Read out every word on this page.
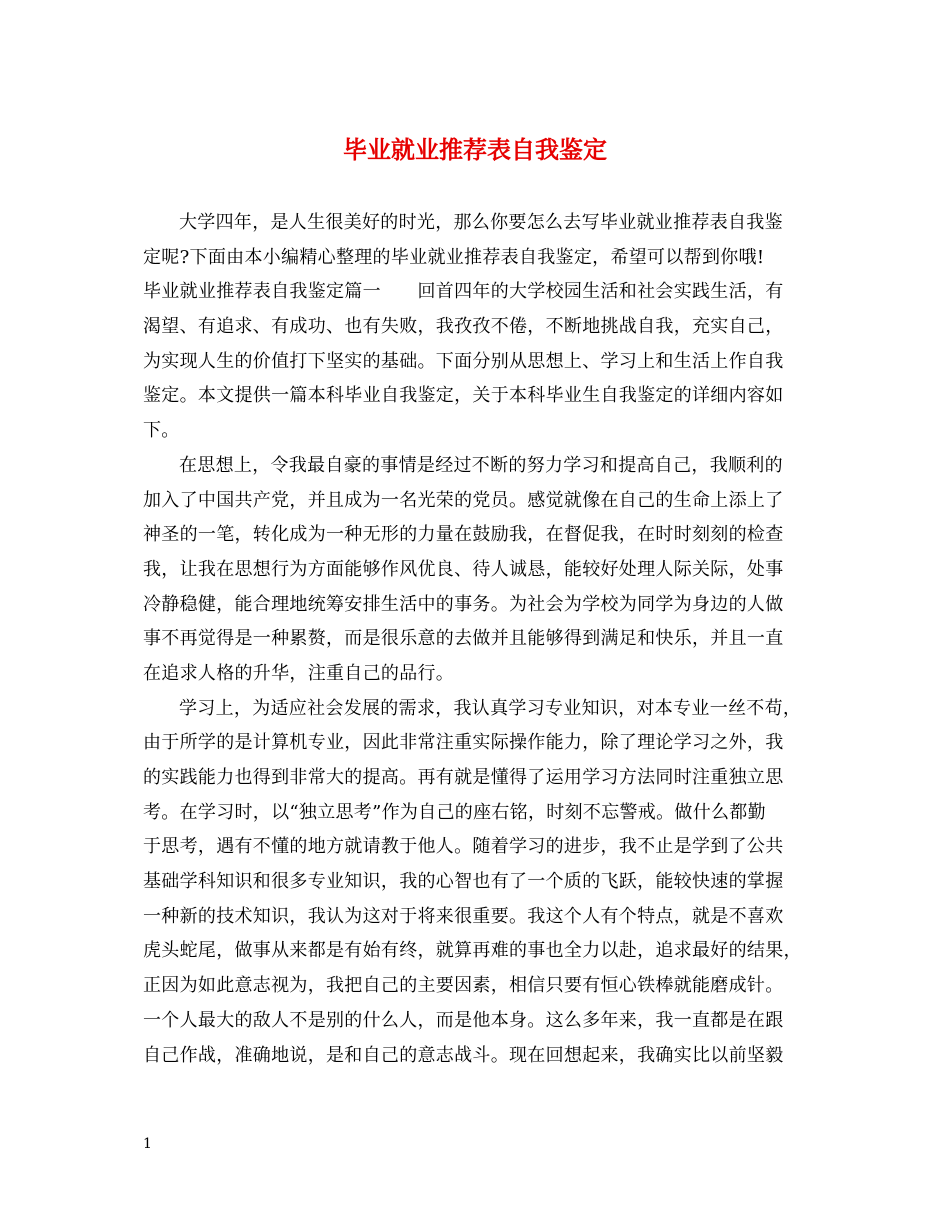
毕业就业推荐表自我鉴定
大学四年，是人生很美好的时光，那么你要怎么去写毕业就业推荐表自我鉴
定呢?下面由本小编精心整理的毕业就业推荐表自我鉴定，希望可以帮到你哦!
毕业就业推荐表自我鉴定篇一　　回首四年的大学校园生活和社会实践生活，有
渴望、有追求、有成功、也有失败，我孜孜不倦，不断地挑战自我，充实自己，
为实现人生的价值打下坚实的基础。下面分别从思想上、学习上和生活上作自我
鉴定。本文提供一篇本科毕业自我鉴定，关于本科毕业生自我鉴定的详细内容如
下。
在思想上，令我最自豪的事情是经过不断的努力学习和提高自己，我顺利的
加入了中国共产党，并且成为一名光荣的党员。感觉就像在自己的生命上添上了
神圣的一笔，转化成为一种无形的力量在鼓励我，在督促我，在时时刻刻的检查
我，让我在思想行为方面能够作风优良、待人诚恳，能较好处理人际关际，处事
冷静稳健，能合理地统筹安排生活中的事务。为社会为学校为同学为身边的人做
事不再觉得是一种累赘，而是很乐意的去做并且能够得到满足和快乐，并且一直
在追求人格的升华，注重自己的品行。
学习上，为适应社会发展的需求，我认真学习专业知识，对本专业一丝不苟，
由于所学的是计算机专业，因此非常注重实际操作能力，除了理论学习之外，我
的实践能力也得到非常大的提高。再有就是懂得了运用学习方法同时注重独立思
考。在学习时，以“独立思考”作为自己的座右铭，时刻不忘警戒。做什么都勤
于思考，遇有不懂的地方就请教于他人。随着学习的进步，我不止是学到了公共
基础学科知识和很多专业知识，我的心智也有了一个质的飞跃，能较快速的掌握
一种新的技术知识，我认为这对于将来很重要。我这个人有个特点，就是不喜欢
虎头蛇尾，做事从来都是有始有终，就算再难的事也全力以赴，追求最好的结果，
正因为如此意志视为，我把自己的主要因素，相信只要有恒心铁棒就能磨成针。
一个人最大的敌人不是别的什么人，而是他本身。这么多年来，我一直都是在跟
自己作战，准确地说，是和自己的意志战斗。现在回想起来，我确实比以前坚毅
1
